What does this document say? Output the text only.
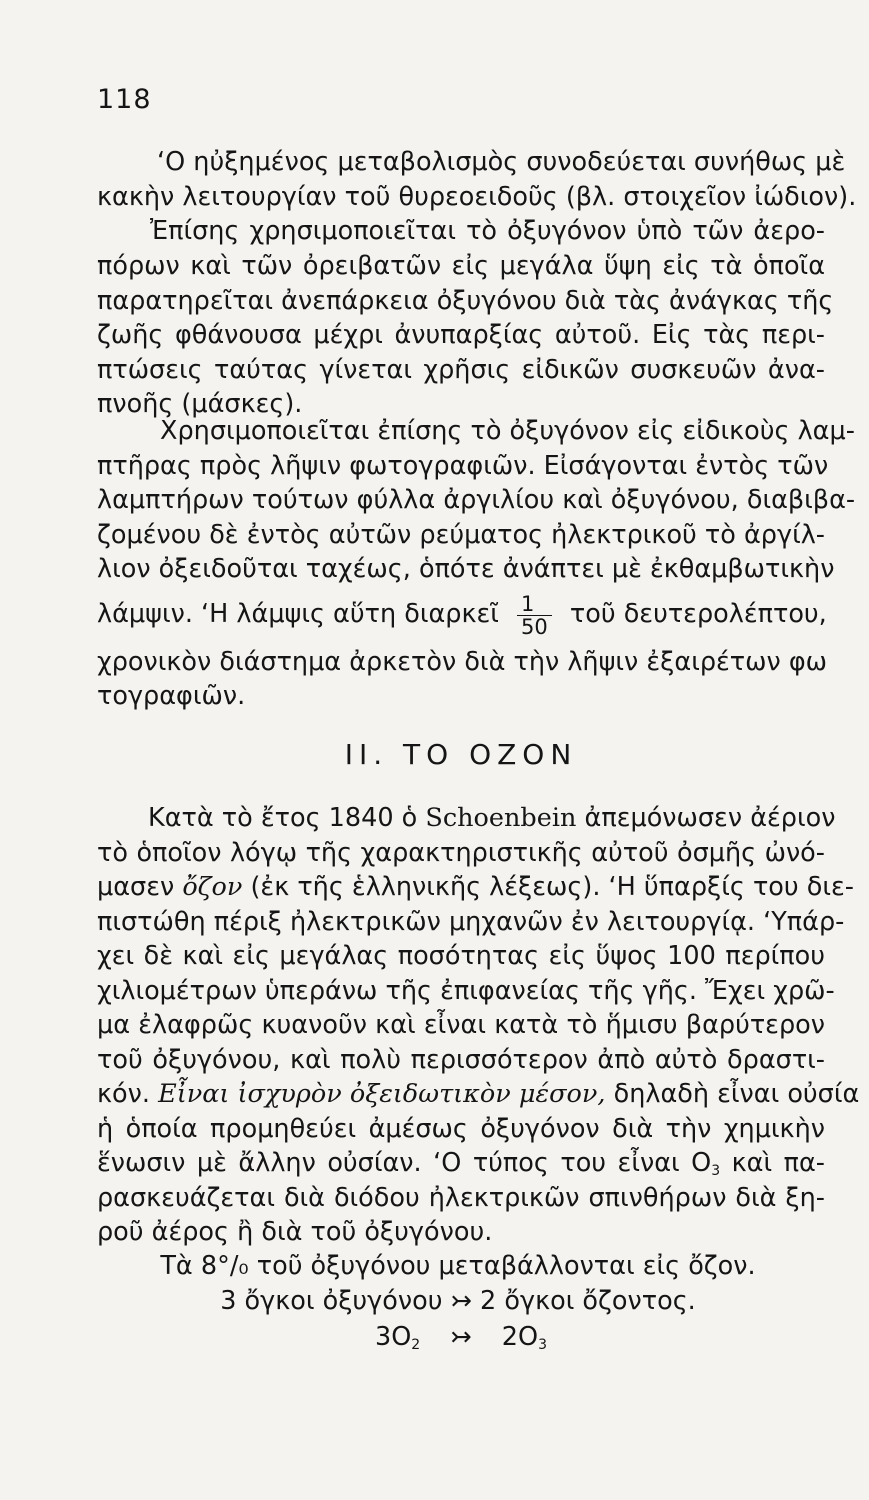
118
‘Ο ηὐξημένος μεταβολισμὸς συνοδεύεται συνήθως μὲ
κακὴν λειτουργίαν τοῦ θυρεοειδοῦς (βλ. στοιχεῖον ἰώδιον).
Ἐπίσης χρησιμοποιεῖται τὸ ὀξυγόνον ὑπὸ τῶν ἀερο-
πόρων καὶ τῶν ὀρειβατῶν εἰς μεγάλα ὕψη εἰς τὰ ὁποῖα
παρατηρεῖται ἀνεπάρκεια ὀξυγόνου διὰ τὰς ἀνάγκας τῆς
ζωῆς φθάνουσα μέχρι ἀνυπαρξίας αὐτοῦ. Εἰς τὰς περι-
πτώσεις ταύτας γίνεται χρῆσις εἰδικῶν συσκευῶν ἀνα-
πνοῆς (μάσκες).
Χρησιμοποιεῖται ἐπίσης τὸ ὀξυγόνον εἰς εἰδικοὺς λαμ-
πτῆρας πρὸς λῆψιν φωτογραφιῶν. Εἰσάγονται ἐντὸς τῶν
λαμπτήρων τούτων φύλλα ἀργιλίου καὶ ὀξυγόνου, διαβιβα-
ζομένου δὲ ἐντὸς αὐτῶν ρεύματος ἠλεκτρικοῦ τὸ ἀργίλ-
λιον ὀξειδοῦται ταχέως, ὁπότε ἀνάπτει μὲ ἐκθαμβωτικὴν
λάμψιν. ‘Η λάμψις αὕτη διαρκεῖ $\frac{1}{50}$ τοῦ δευτερολέπτου,
χρονικὸν διάστημα ἀρκετὸν διὰ τὴν λῆψιν ἐξαιρέτων φω
τογραφιῶν.
II. ΤΟ ΟΖΟΝ
Κατὰ τὸ ἔτος 1840 ὁ Schoenbein ἀπεμόνωσεν ἀέριον
τὸ ὁποῖον λόγῳ τῆς χαρακτηριστικῆς αὐτοῦ ὀσμῆς ὠνό-
μασεν ὄζον (ἐκ τῆς ἑλληνικῆς λέξεως). ‘Η ὕπαρξίς του διε-
πιστώθη πέριξ ἠλεκτρικῶν μηχανῶν ἐν λειτουργίᾳ. ‘Υπάρ-
χει δὲ καὶ εἰς μεγάλας ποσότητας εἰς ὕψος 100 περίπου
χιλιομέτρων ὑπεράνω τῆς ἐπιφανείας τῆς γῆς. Ἔχει χρῶ-
μα ἐλαφρῶς κυανοῦν καὶ εἶναι κατὰ τὸ ἥμισυ βαρύτερον
τοῦ ὀξυγόνου, καὶ πολὺ περισσότερον ἀπὸ αὐτὸ δραστι-
κόν. Εἶναι ἰσχυρὸν ὀξειδωτικὸν μέσον, δηλαδὴ εἶναι οὐσία
ἡ ὁποία προμηθεύει ἀμέσως ὀξυγόνον διὰ τὴν χημικὴν
ἕνωσιν μὲ ἄλλην οὐσίαν. ‘Ο τύπος του εἶναι $O_3$ καὶ πα-
ρασκευάζεται διὰ διόδου ἠλεκτρικῶν σπινθήρων διὰ ξη-
ροῦ ἀέρος ἢ διὰ τοῦ ὀξυγόνου.
Τὰ 8°/₀ τοῦ ὀξυγόνου μεταβάλλονται εἰς ὄζον.
3 ὄγκοι ὀξυγόνου ↣ 2 ὄγκοι ὄζοντος.
$3O_2$ ↣ $2O_3$
